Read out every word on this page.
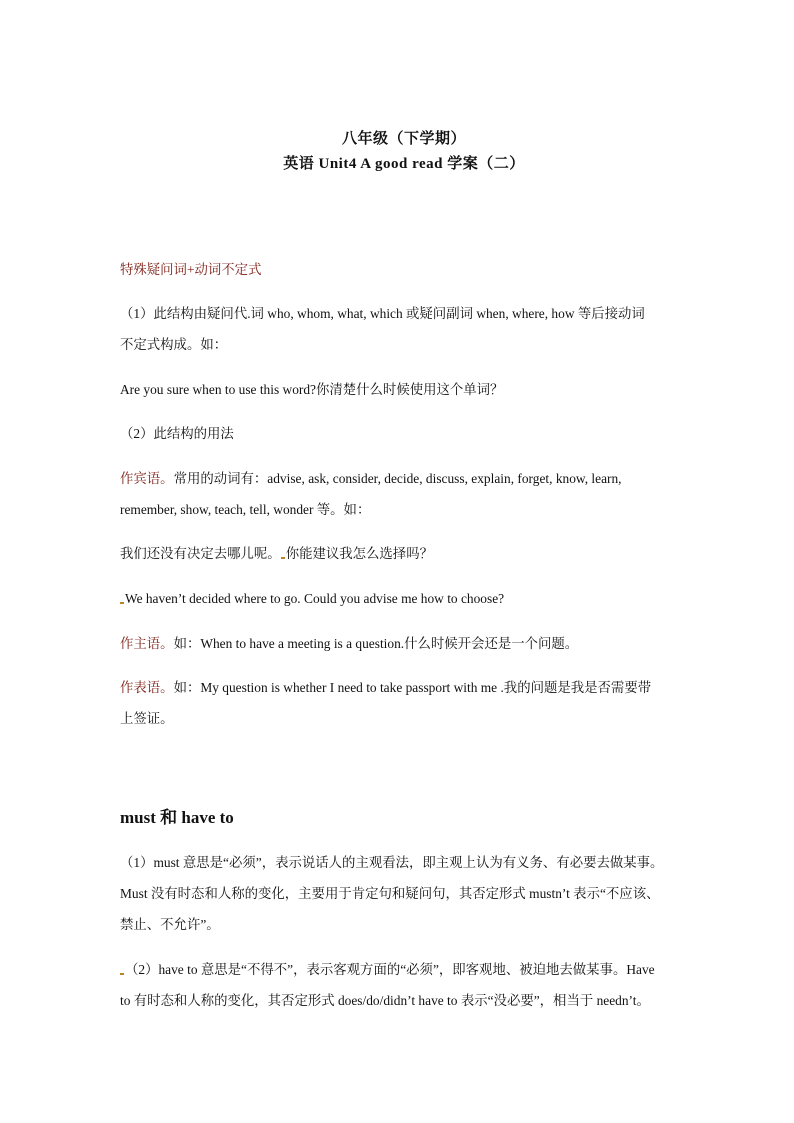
八年级（下学期）
英语 Unit4 A good read 学案（二）
特殊疑问词+动词不定式
（1）此结构由疑问代.词 who, whom, what, which 或疑问副词 when, where, how 等后接动词
不定式构成。如：
Are you sure when to use this word?你清楚什么时候使用这个单词？
（2）此结构的用法
作宾语。常用的动词有：advise, ask, consider, decide, discuss, explain, forget, know, learn,
remember, show, teach, tell, wonder 等。如：
我们还没有决定去哪儿呢。 你能建议我怎么选择吗？
We haven’t decided where to go. Could you advise me how to choose?
作主语。如：When to have a meeting is a question.什么时候开会还是一个问题。
作表语。如：My question is whether I need to take passport with me .我的问题是我是否需要带
上签证。
must 和 have to
（1）must 意思是“必须”，表示说话人的主观看法，即主观上认为有义务、有必要去做某事。
Must 没有时态和人称的变化，主要用于肯定句和疑问句，其否定形式 mustn’t 表示“不应该、
禁止、不允许”。
（2）have to 意思是“不得不”，表示客观方面的“必须”，即客观地、被迫地去做某事。Have
to 有时态和人称的变化，其否定形式 does/do/didn’t have to 表示“没必要”，相当于 needn’t。
